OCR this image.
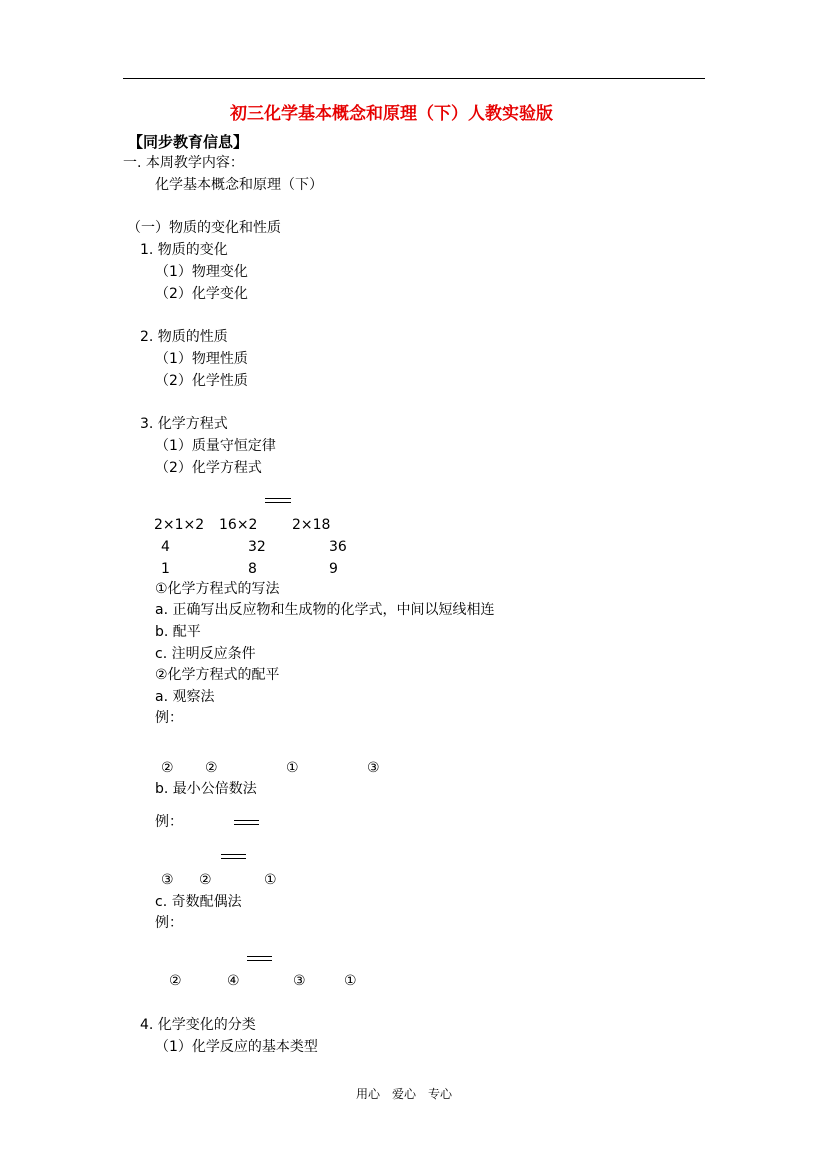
初三化学基本概念和原理（下）人教实验版
【同步教育信息】
一. 本周教学内容：
化学基本概念和原理（下）
（一）物质的变化和性质
1. 物质的变化
（1）物理变化
（2）化学变化
2. 物质的性质
（1）物理性质
（2）化学性质
3. 化学方程式
（1）质量守恒定律
（2）化学方程式
2×1×2 16×2 2×18
4	32	36
1	8	9
①化学方程式的写法
a. 正确写出反应物和生成物的化学式，中间以短线相连
b. 配平
c. 注明反应条件
②化学方程式的配平
a. 观察法
例：
② ②	①	③
b. 最小公倍数法
例：
③ ②	①
c. 奇数配偶法
例：
②	④	③	①
4. 化学变化的分类
（1）化学反应的基本类型
用心　爱心　专心
